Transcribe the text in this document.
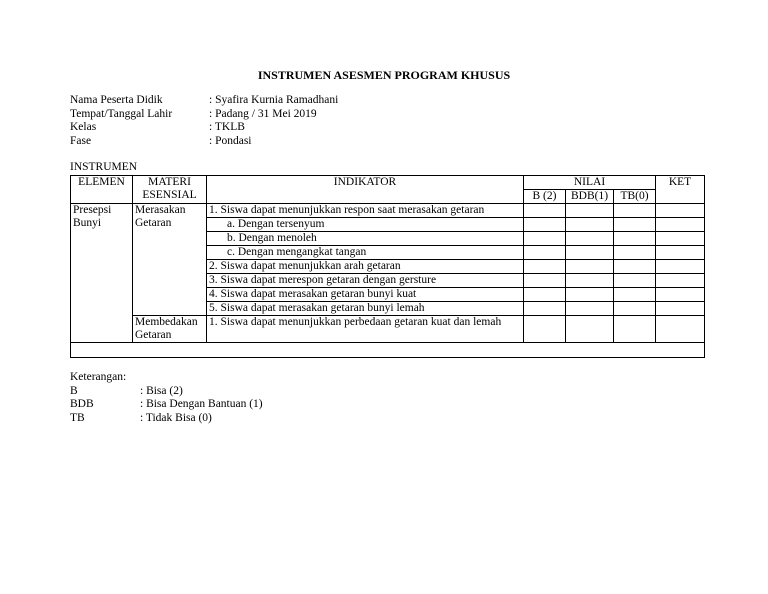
INSTRUMEN ASESMEN PROGRAM KHUSUS
Nama Peserta Didik	: Syafira Kurnia Ramadhani
Tempat/Tanggal Lahir	: Padang / 31 Mei 2019
Kelas	: TKLB
Fase	: Pondasi
INSTRUMEN
ELEMEN	MATERI ESENSIAL	INDIKATOR	NILAI			KET
			B (2)	BDB(1)	TB(0)	
Presepsi Bunyi	Merasakan Getaran	1. Siswa dapat menunjukkan respon saat merasakan getaran				
		a. Dengan tersenyum				
		b. Dengan menoleh				
		c. Dengan mengangkat tangan				
		2. Siswa dapat menunjukkan arah getaran				
		3. Siswa dapat merespon getaran dengan gersture				
		4. Siswa dapat merasakan getaran bunyi kuat				
		5. Siswa dapat merasakan getaran bunyi lemah				
	Membedakan Getaran	1. Siswa dapat menunjukkan perbedaan getaran kuat dan lemah				

Keterangan:
B	: Bisa (2)
BDB	: Bisa Dengan Bantuan (1)
TB	: Tidak Bisa (0)
